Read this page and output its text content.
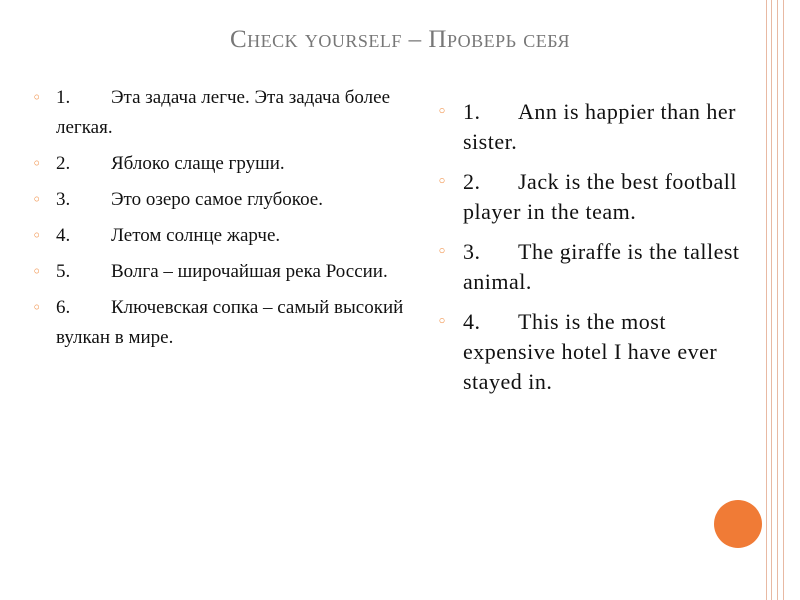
Check yourself – Проверь себя
◦ 1. Эта задача легче. Эта задача более легкая.
◦ 2. Яблоко слаще груши.
◦ 3. Это озеро самое глубокое.
◦ 4. Летом солнце жарче.
◦ 5. Волга – широчайшая река России.
◦ 6. Ключевская сопка – самый высокий вулкан в мире.
◦ 1. Ann is happier than her sister.
◦ 2. Jack is the best football player in the team.
◦ 3. The giraffe is the tallest animal.
◦ 4. This is the most expensive hotel I have ever stayed in.
